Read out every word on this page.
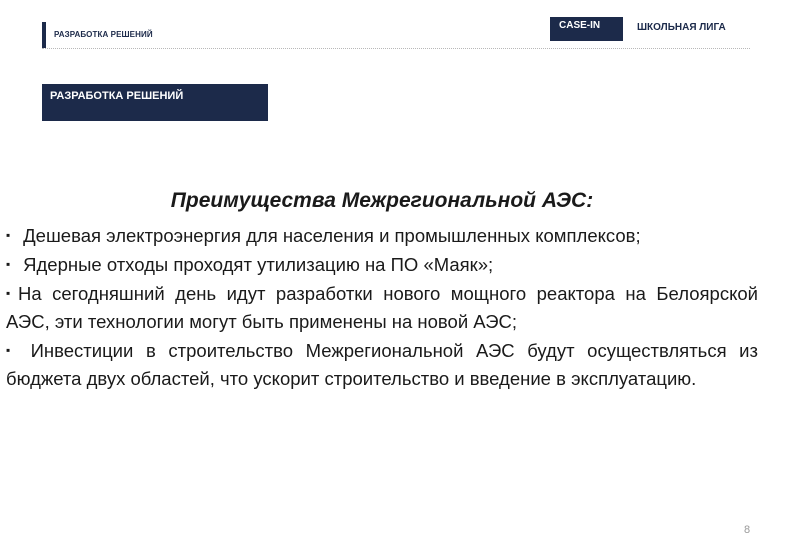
РАЗРАБОТКА РЕШЕНИЙ
CASE-IN	ШКОЛЬНАЯ ЛИГА
РАЗРАБОТКА РЕШЕНИЙ
Преимущества Межрегиональной АЭС:
▪ Дешевая электроэнергия для населения и промышленных комплексов;
▪ Ядерные отходы проходят утилизацию на ПО «Маяк»;
▪ На сегодняшний день идут разработки нового мощного реактора на Белоярской АЭС, эти технологии могут быть применены на новой АЭС;
▪ Инвестиции в строительство Межрегиональной АЭС будут осуществляться из бюджета двух областей, что ускорит строительство и введение в эксплуатацию.
8
